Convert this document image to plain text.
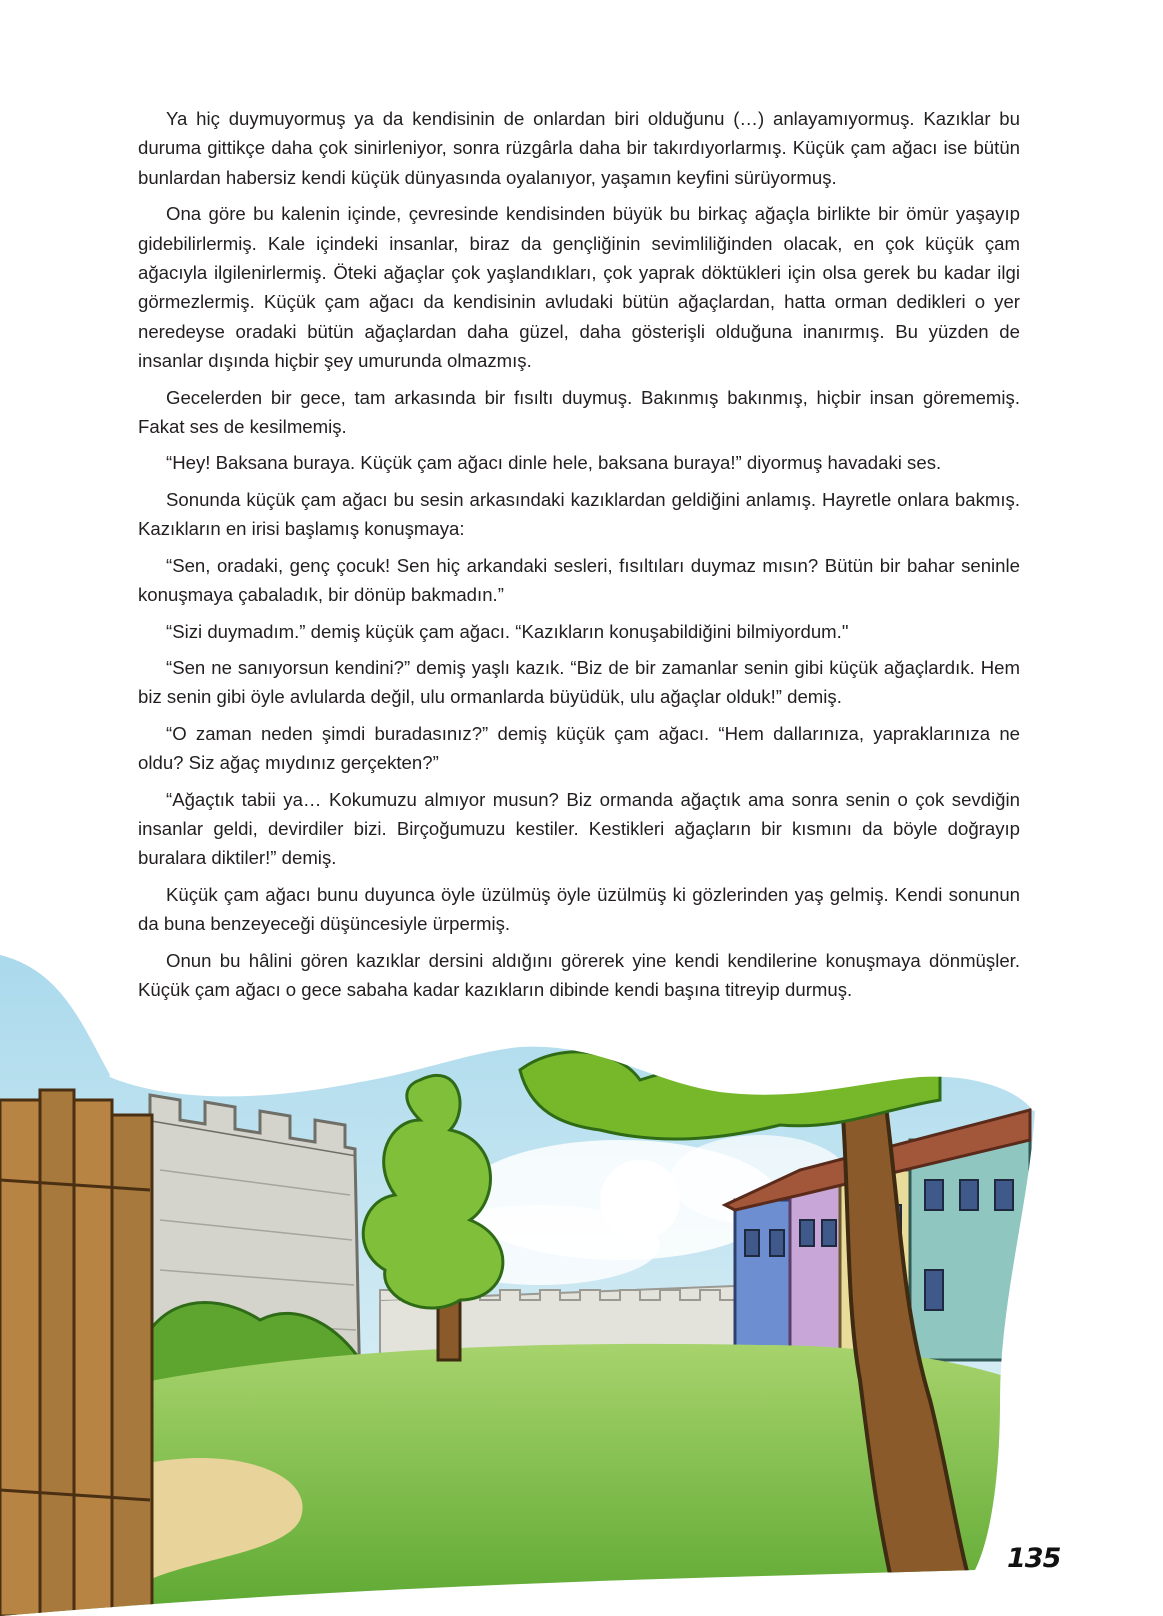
Ya hiç duymuyormuş ya da kendisinin de onlardan biri olduğunu (…) anlayamıyormuş. Kazıklar bu duruma gittikçe daha çok sinirleniyor, sonra rüzgârla daha bir takırdıyorlarmış. Küçük çam ağacı ise bütün bunlardan habersiz kendi küçük dünyasında oyalanıyor, yaşamın keyfini sürüyormuş.

Ona göre bu kalenin içinde, çevresinde kendisinden büyük bu birkaç ağaçla birlikte bir ömür yaşayıp gidebilirlermiş. Kale içindeki insanlar, biraz da gençliğinin sevimliliğinden olacak, en çok küçük çam ağacıyla ilgilenirlermiş. Öteki ağaçlar çok yaşlandıkları, çok yaprak döktükleri için olsa gerek bu kadar ilgi görmezlermiş. Küçük çam ağacı da kendisinin avludaki bütün ağaçlardan, hatta orman dedikleri o yer neredeyse oradaki bütün ağaçlardan daha güzel, daha gösterişli olduğuna inanırmış. Bu yüzden de insanlar dışında hiçbir şey umurunda olmazmış.

Gecelerden bir gece, tam arkasında bir fısıltı duymuş. Bakınmış bakınmış, hiçbir insan görememiş. Fakat ses de kesilmemiş.

“Hey! Baksana buraya. Küçük çam ağacı dinle hele, baksana buraya!” diyormuş havadaki ses.

Sonunda küçük çam ağacı bu sesin arkasındaki kazıklardan geldiğini anlamış. Hayretle onlara bakmış. Kazıkların en irisi başlamış konuşmaya:

“Sen, oradaki, genç çocuk! Sen hiç arkandaki sesleri, fısıltıları duymaz mısın? Bütün bir bahar seninle konuşmaya çabaladık, bir dönüp bakmadın.”

“Sizi duymadım.” demiş küçük çam ağacı. “Kazıkların konuşabildiğini bilmiyordum."

“Sen ne sanıyorsun kendini?” demiş yaşlı kazık. “Biz de bir zamanlar senin gibi küçük ağaçlardık. Hem biz senin gibi öyle avlularda değil, ulu ormanlarda büyüdük, ulu ağaçlar olduk!” demiş.

“O zaman neden şimdi buradasınız?” demiş küçük çam ağacı. “Hem dallarınıza, yapraklarınıza ne oldu? Siz ağaç mıydınız gerçekten?”

“Ağaçtık tabii ya… Kokumuzu almıyor musun? Biz ormanda ağaçtık ama sonra senin o çok sevdiğin insanlar geldi, devirdiler bizi. Birçoğumuzu kestiler. Kestikleri ağaçların bir kısmını da böyle doğrayıp buralara diktiler!” demiş.

Küçük çam ağacı bunu duyunca öyle üzülmüş öyle üzülmüş ki gözlerinden yaş gelmiş. Kendi sonunun da buna benzeyeceği düşüncesiyle ürpermiş.

Onun bu hâlini gören kazıklar dersini aldığını görerek yine kendi kendilerine konuşmaya dönmüşler. Küçük çam ağacı o gece sabaha kadar kazıkların dibinde kendi başına titreyip durmuş.

135
